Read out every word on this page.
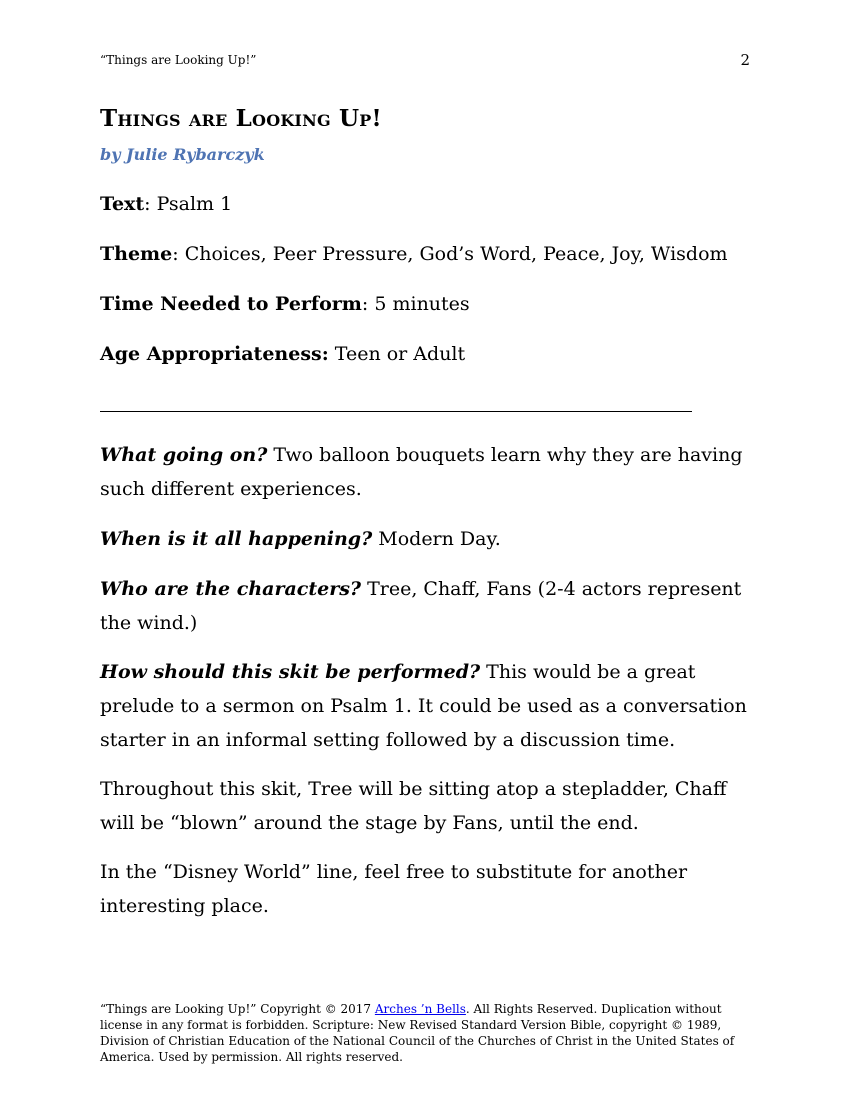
“Things are Looking Up!”	2
Things are Looking Up!
by Julie Rybarczyk
Text: Psalm 1
Theme: Choices, Peer Pressure, God’s Word, Peace, Joy, Wisdom
Time Needed to Perform: 5 minutes
Age Appropriateness: Teen or Adult

What going on? Two balloon bouquets learn why they are having such different experiences.

When is it all happening? Modern Day.

Who are the characters? Tree, Chaff, Fans (2-4 actors represent the wind.)

How should this skit be performed? This would be a great prelude to a sermon on Psalm 1. It could be used as a conversation starter in an informal setting followed by a discussion time.

Throughout this skit, Tree will be sitting atop a stepladder, Chaff will be “blown” around the stage by Fans, until the end.

In the “Disney World” line, feel free to substitute for another interesting place.

“Things are Looking Up!” Copyright © 2017 Arches ’n Bells. All Rights Reserved. Duplication without license in any format is forbidden. Scripture: New Revised Standard Version Bible, copyright © 1989, Division of Christian Education of the National Council of the Churches of Christ in the United States of America. Used by permission. All rights reserved.
